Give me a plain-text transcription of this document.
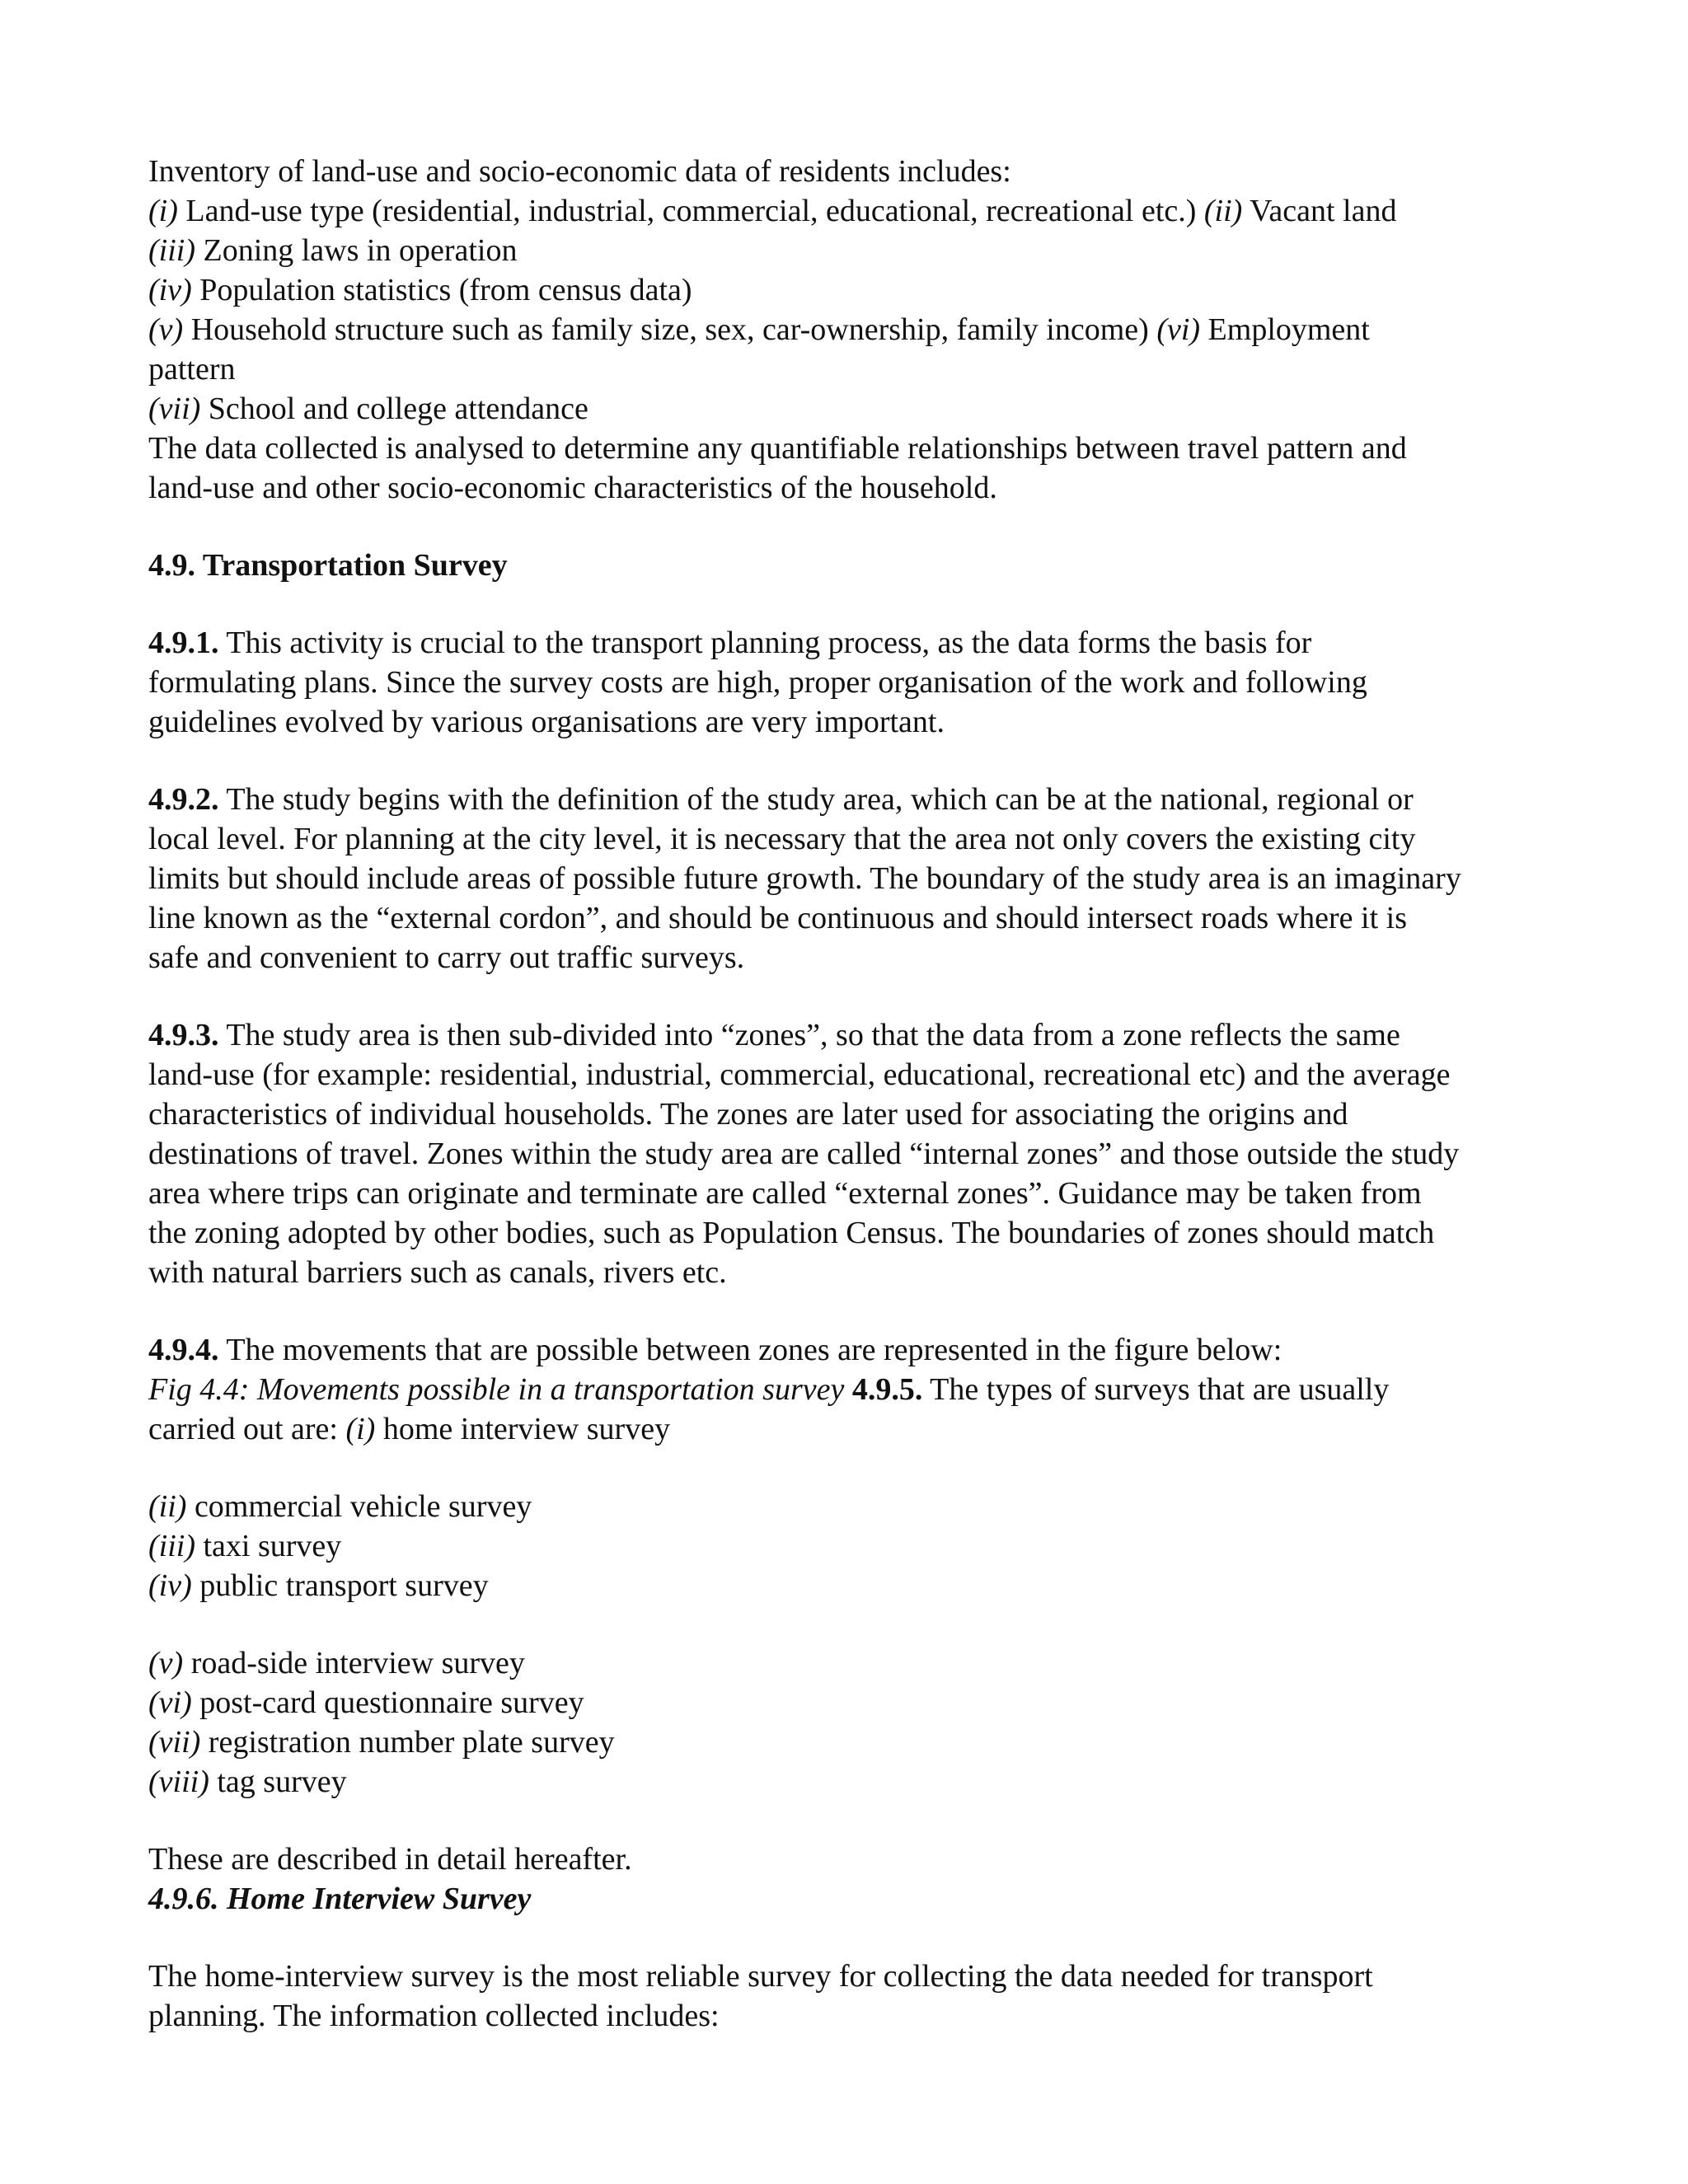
Inventory of land-use and socio-economic data of residents includes:
(i) Land-use type (residential, industrial, commercial, educational, recreational etc.) (ii) Vacant land
(iii) Zoning laws in operation
(iv) Population statistics (from census data)
(v) Household structure such as family size, sex, car-ownership, family income) (vi) Employment
pattern
(vii) School and college attendance
The data collected is analysed to determine any quantifiable relationships between travel pattern and
land-use and other socio-economic characteristics of the household.
4.9. Transportation Survey
4.9.1. This activity is crucial to the transport planning process, as the data forms the basis for
formulating plans. Since the survey costs are high, proper organisation of the work and following
guidelines evolved by various organisations are very important.
4.9.2. The study begins with the definition of the study area, which can be at the national, regional or
local level. For planning at the city level, it is necessary that the area not only covers the existing city
limits but should include areas of possible future growth. The boundary of the study area is an imaginary
line known as the “external cordon”, and should be continuous and should intersect roads where it is
safe and convenient to carry out traffic surveys.
4.9.3. The study area is then sub-divided into “zones”, so that the data from a zone reflects the same
land-use (for example: residential, industrial, commercial, educational, recreational etc) and the average
characteristics of individual households. The zones are later used for associating the origins and
destinations of travel. Zones within the study area are called “internal zones” and those outside the study
area where trips can originate and terminate are called “external zones”. Guidance may be taken from
the zoning adopted by other bodies, such as Population Census. The boundaries of zones should match
with natural barriers such as canals, rivers etc.
4.9.4. The movements that are possible between zones are represented in the figure below:
Fig 4.4: Movements possible in a transportation survey 4.9.5. The types of surveys that are usually
carried out are: (i) home interview survey
(ii) commercial vehicle survey
(iii) taxi survey
(iv) public transport survey
(v) road-side interview survey
(vi) post-card questionnaire survey
(vii) registration number plate survey
(viii) tag survey
These are described in detail hereafter.
4.9.6. Home Interview Survey
The home-interview survey is the most reliable survey for collecting the data needed for transport
planning. The information collected includes:
